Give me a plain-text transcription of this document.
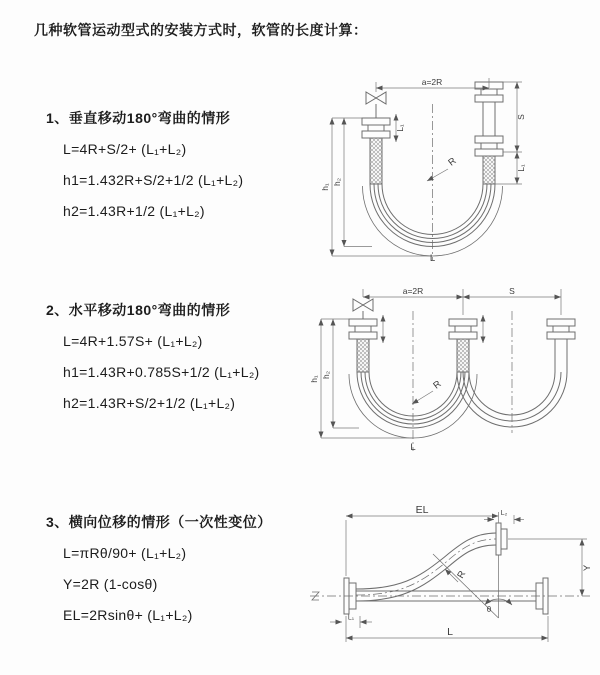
几种软管运动型式的安装方式时，软管的长度计算：
1、垂直移动180°弯曲的情形
L=4R+S/2+ (L₁+L₂)
h1=1.432R+S/2+1/2 (L₁+L₂)
h2=1.43R+1/2 (L₁+L₂)
2、水平移动180°弯曲的情形
L=4R+1.57S+ (L₁+L₂)
h1=1.43R+0.785S+1/2 (L₁+L₂)
h2=1.43R+S/2+1/2 (L₁+L₂)
3、横向位移的情形（一次性变位）
L=πRθ/90+ (L₁+L₂)
Y=2R (1-cosθ)
EL=2Rsinθ+ (L₁+L₂)
a=2R
S
L₁
h₁
h₂
L₁
R
L
a=2R	S
h₁ h₂
R
L
EL	L₂
Y
R
θ
L
L₁
